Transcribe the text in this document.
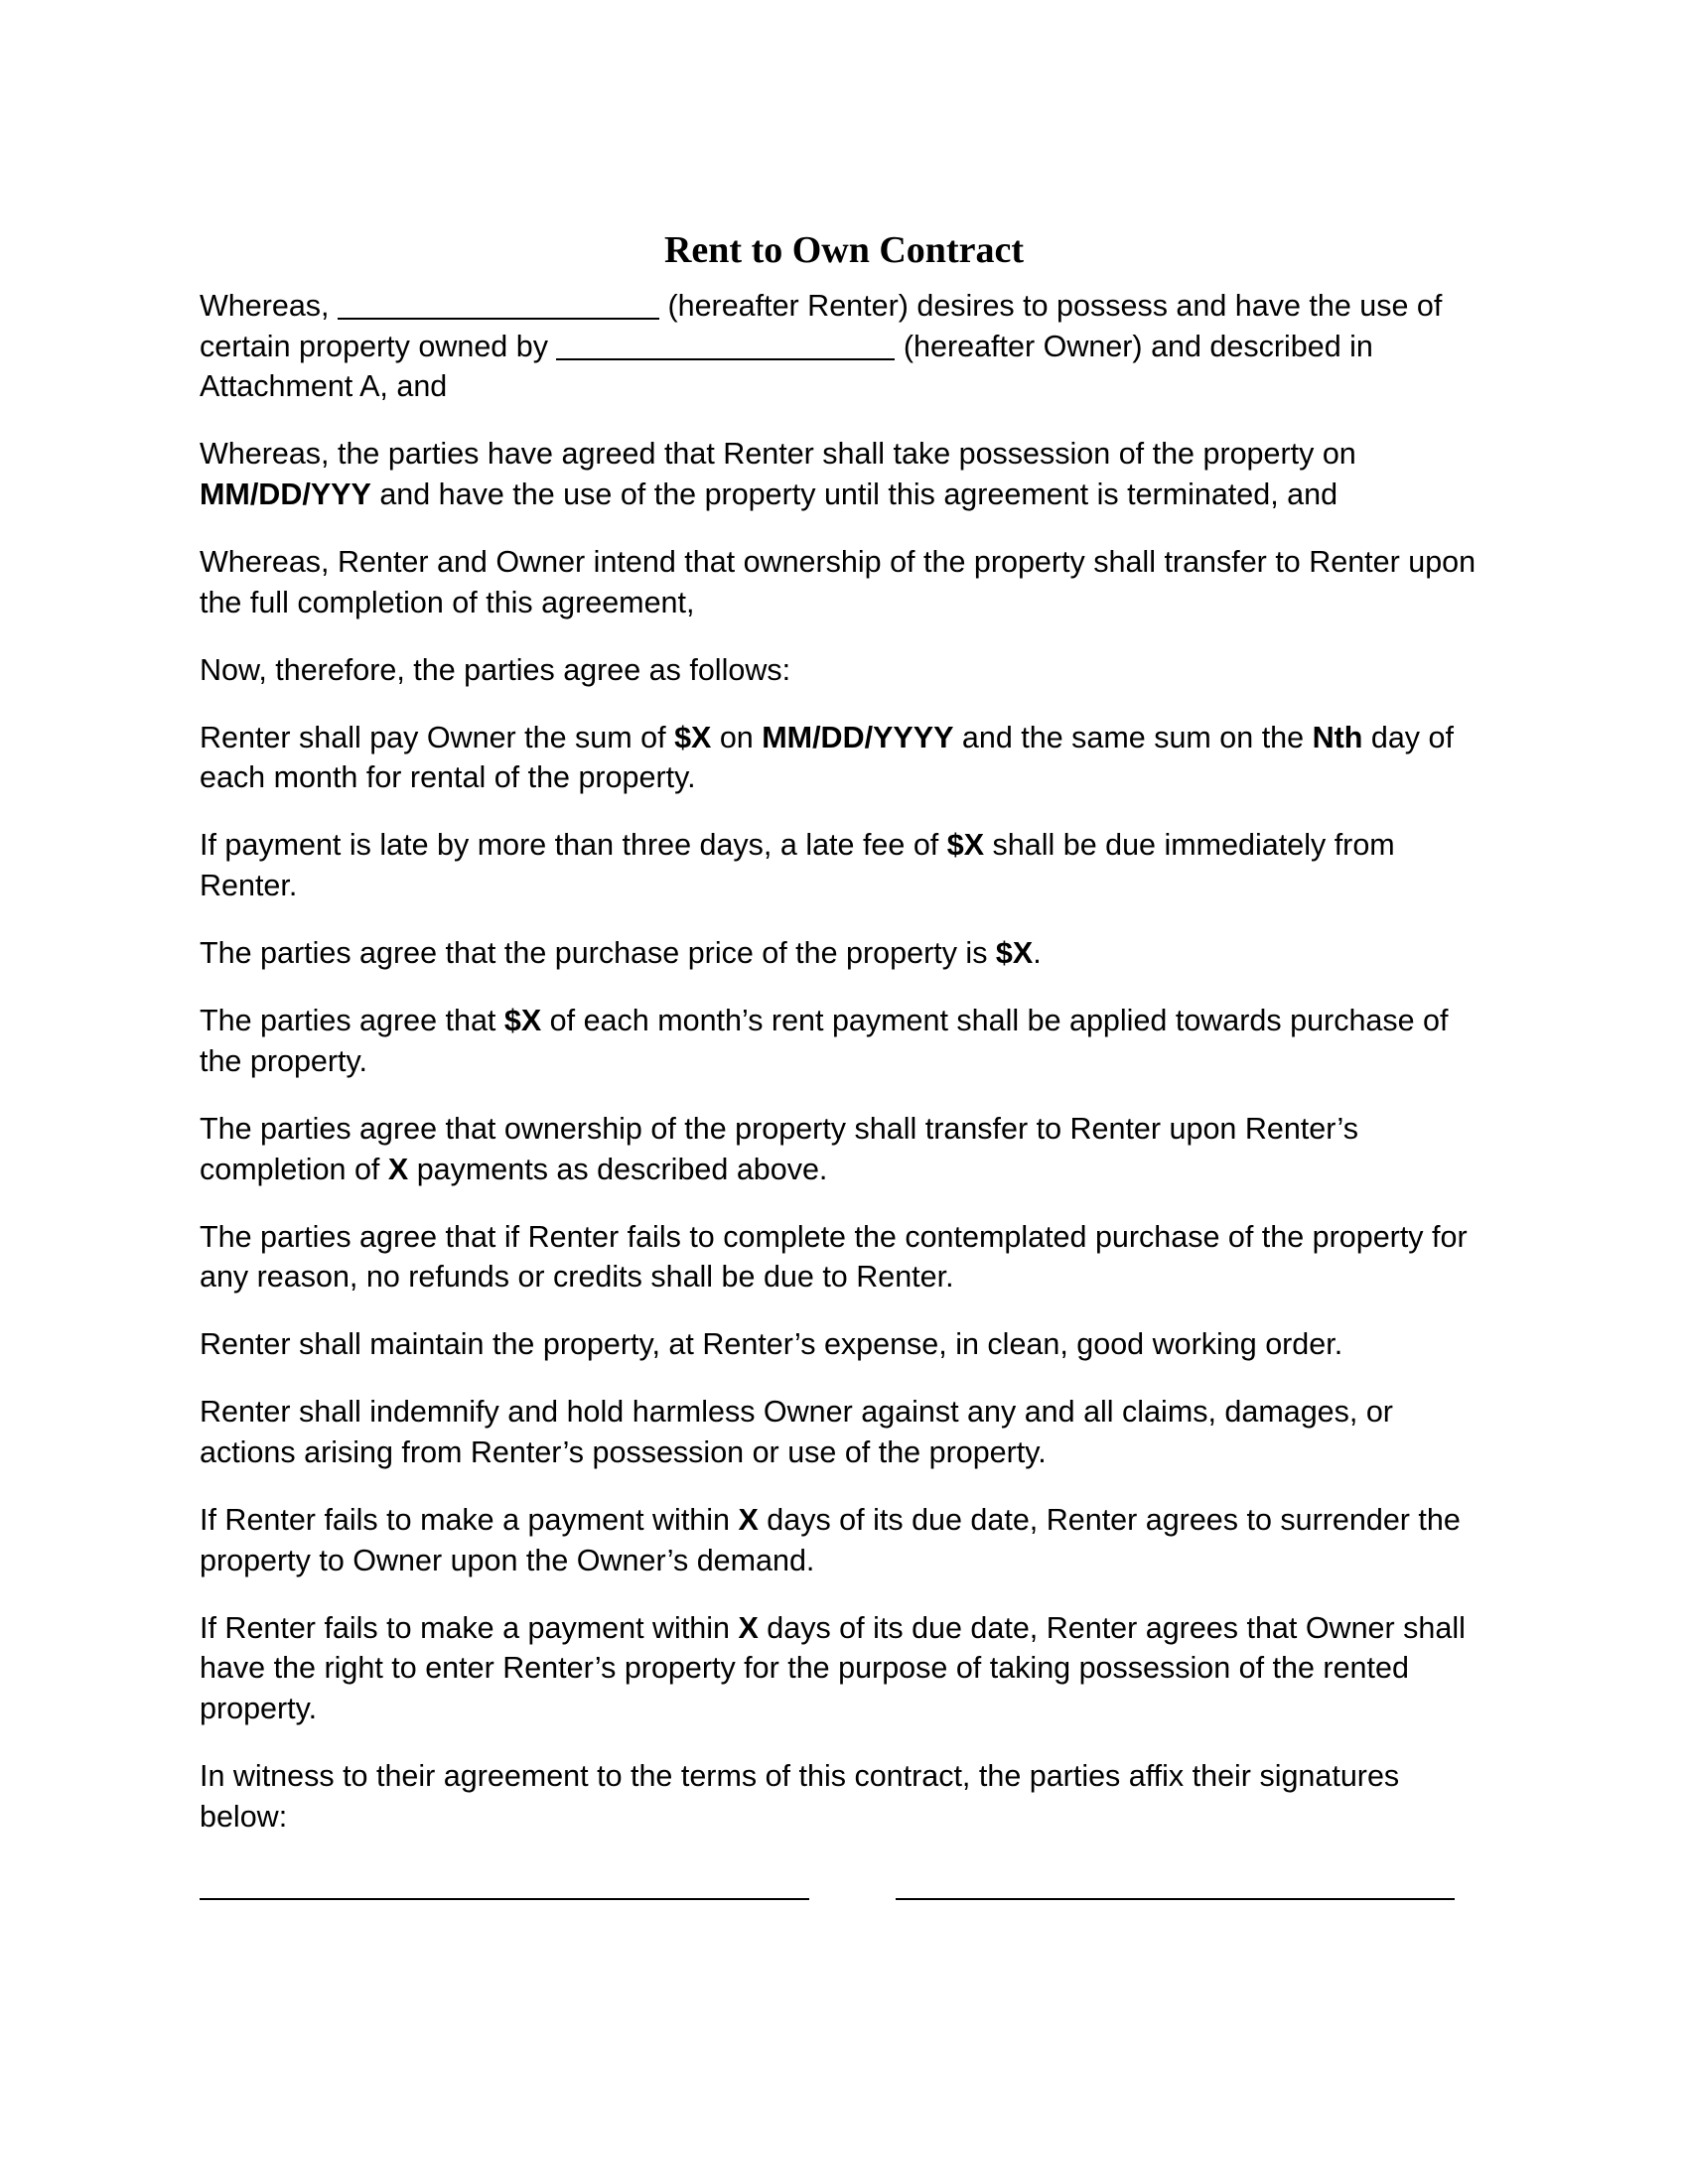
Rent to Own Contract

Whereas,	(hereafter Renter) desires to possess and have the use of certain property owned by	(hereafter Owner) and described in Attachment A, and

Whereas, the parties have agreed that Renter shall take possession of the property on MM/DD/YYY and have the use of the property until this agreement is terminated, and

Whereas, Renter and Owner intend that ownership of the property shall transfer to Renter upon the full completion of this agreement,

Now, therefore, the parties agree as follows:

Renter shall pay Owner the sum of $X on MM/DD/YYYY and the same sum on the Nth day of each month for rental of the property.

If payment is late by more than three days, a late fee of $X shall be due immediately from Renter.

The parties agree that the purchase price of the property is $X.

The parties agree that $X of each month’s rent payment shall be applied towards purchase of the property.

The parties agree that ownership of the property shall transfer to Renter upon Renter’s completion of X payments as described above.

The parties agree that if Renter fails to complete the contemplated purchase of the property for any reason, no refunds or credits shall be due to Renter.

Renter shall maintain the property, at Renter’s expense, in clean, good working order.

Renter shall indemnify and hold harmless Owner against any and all claims, damages, or actions arising from Renter’s possession or use of the property.

If Renter fails to make a payment within X days of its due date, Renter agrees to surrender the property to Owner upon the Owner’s demand.

If Renter fails to make a payment within X days of its due date, Renter agrees that Owner shall have the right to enter Renter’s property for the purpose of taking possession of the rented property.

In witness to their agreement to the terms of this contract, the parties affix their signatures below:
